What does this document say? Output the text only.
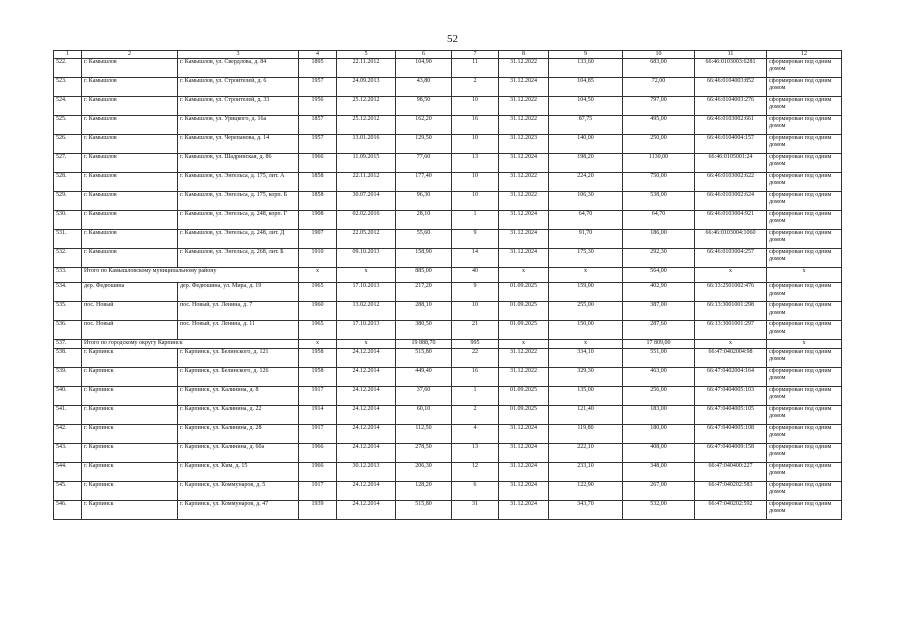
52
1	2	3	4	5	6	7	8	9	10	11	12
522.	г. Камышлов	г. Камышлов, ул. Свердлова, д. 84	1895	22.11.2012	104,90	11	31.12.2022	133,60	683,00	66:46:0103003:6281	сформирован под одним домом
523.	г. Камышлов	г. Камышлов, ул. Строителей, д. 6	1957	24.09.2013	43,80	2	31.12.2024	104,85	72,00	66:46:0104003:852	сформирован под одним домом
524.	г. Камышлов	г. Камышлов, ул. Строителей, д. 33	1956	25.12.2012	98,50	10	31.12.2022	104,50	797,00	66:46:0104003:276	сформирован под одним домом
525.	г. Камышлов	г. Камышлов, ул. Урицкого, д. 16а	1857	25.12.2012	162,20	16	31.12.2022	87,75	495,00	66:46:0103002:661	сформирован под одним домом
526.	г. Камышлов	г. Камышлов, ул. Черепанова, д. 14	1957	13.01.2016	129,50	10	31.12.2023	140,00	250,00	66:46:0104004:157	сформирован под одним домом
527.	г. Камышлов	г. Камышлов, ул. Шадринская, д. 86	1966	11.09.2015	77,60	13	31.12.2024	198,20	1130,00	66:46:0105001:24	сформирован под одним домом
528.	г. Камышлов	г. Камышлов, ул. Энгельса, д. 175, лит. А	1858	22.11.2012	177,40	10	31.12.2022	224,20	750,00	66:46:0103002:622	сформирован под одним домом
529.	г. Камышлов	г. Камышлов, ул. Энгельса, д. 175, корп. Б	1858	30.07.2014	96,30	10	31.12.2022	106,30	538,00	66:46:0103002:624	сформирован под одним домом
530.	г. Камышлов	г. Камышлов, ул. Энгельса, д. 248, корп. Г	1908	02.02.2016	28,10	1	31.12.2024	64,70	64,70	66:46:0103004:921	сформирован под одним домом
531.	г. Камышлов	г. Камышлов, ул. Энгельса, д. 248, лит. Д	1907	22.05.2012	55,60	9	31.12.2024	91,70	186,00	66:46:0103004:1060	сформирован под одним домом
532.	г. Камышлов	г. Камышлов, ул. Энгельса, д. 268, лит. Б	1910	09.10.2013	158,90	14	31.12.2024	175,30	292,30	66:46:0103004:257	сформирован под одним домом
533.	Итого по Камышловскому муниципальному району		x	x	885,00	40	x	x	564,00	x	x
534.	дер. Федюшина	дер. Федюшина, ул. Мира, д. 19	1965	17.10.2013	217,20	9	01.09.2025	159,00	402,90	66:13:2501002:476	сформирован под одним домом
535.	пос. Новый	пос. Новый, ул. Ленина, д. 7	1960	13.02.2012	288,10	10	01.09.2025	255,00	387,00	66:13:3001001:298	сформирован под одним домом
536.	пос. Новый	пос. Новый, ул. Ленина, д. 11	1965	17.10.2013	380,50	21	01.09.2025	150,00	287,60	66:13:3001001:297	сформирован под одним домом
537.	Итого по городскому округу Карпинск		x	x	19 888,70	995	x	x	17 809,00	x	x
538.	г. Карпинск	г. Карпинск, ул. Белинского, д. 121	1958	24.12.2014	515,80	22	31.12.2022	334,10	551,00	66:47:0402004:98	сформирован под одним домом
539.	г. Карпинск	г. Карпинск, ул. Белинского, д. 126	1958	24.12.2014	449,40	16	31.12.2022	329,30	463,00	66:47:0402004:164	сформирован под одним домом
540.	г. Карпинск	г. Карпинск, ул. Калинина, д. 8	1917	24.12.2014	37,60	1	01.09.2025	135,00	256,00	66:47:0404005:103	сформирован под одним домом
541.	г. Карпинск	г. Карпинск, ул. Калинина, д. 22	1914	24.12.2014	60,10	2	01.09.2025	121,40	183,00	66:47:0404005:105	сформирован под одним домом
542.	г. Карпинск	г. Карпинск, ул. Калинина, д. 28	1917	24.12.2014	112,50	4	31.12.2024	119,80	180,00	66:47:0404005:108	сформирован под одним домом
543.	г. Карпинск	г. Карпинск, ул. Калинина, д. 60а	1966	24.12.2014	278,50	13	31.12.2024	222,10	408,00	66:47:0404009:158	сформирован под одним домом
544.	г. Карпинск	г. Карпинск, ул. Ким, д. 15	1966	30.12.2013	206,30	12	31.12.2024	233,10	348,00	66:47:040400:227	сформирован под одним домом
545.	г. Карпинск	г. Карпинск, ул. Коммунаров, д. 5	1917	24.12.2014	128,20	6	31.12.2024	122,90	267,00	66:47:040202:583	сформирован под одним домом
546.	г. Карпинск	г. Карпинск, ул. Коммунаров, д. 47	1939	24.12.2014	515,80	31	31.12.2024	343,70	532,00	66:47:040202:592	сформирован под одним домом
